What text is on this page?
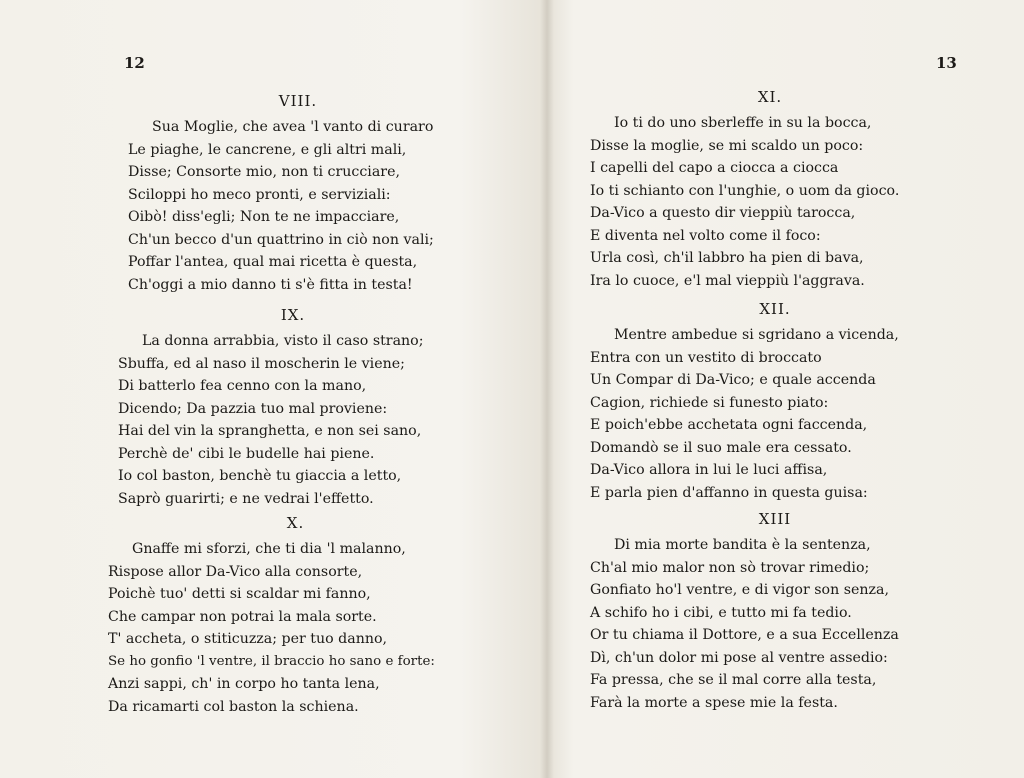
12
VIII.
Sua Moglie, che avea 'l vanto di curaro
Le piaghe, le cancrene, e gli altri mali,
Disse; Consorte mio, non ti crucciare,
Sciloppi ho meco pronti, e serviziali:
Oibò! diss'egli; Non te ne impacciare,
Ch'un becco d'un quattrino in ciò non vali;
Poffar l'antea, qual mai ricetta è questa,
Ch'oggi a mio danno ti s'è fitta in testa!
IX.
La donna arrabbia, visto il caso strano;
Sbuffa, ed al naso il moscherin le viene;
Di batterlo fea cenno con la mano,
Dicendo; Da pazzia tuo mal proviene:
Hai del vin la spranghetta, e non sei sano,
Perchè de' cibi le budelle hai piene.
Io col baston, benchè tu giaccia a letto,
Saprò guarirti; e ne vedrai l'effetto.
X.
Gnaffe mi sforzi, che ti dia 'l malanno,
Rispose allor Da-Vico alla consorte,
Poichè tuo' detti si scaldar mi fanno,
Che campar non potrai la mala sorte.
T' accheta, o stiticuzza; per tuo danno,
Se ho gonfio 'l ventre, il braccio ho sano e forte:
Anzi sappi, ch' in corpo ho tanta lena,
Da ricamarti col baston la schiena.
13
XI.
Io ti do uno sberleffe in su la bocca,
Disse la moglie, se mi scaldo un poco:
I capelli del capo a ciocca a ciocca
Io ti schianto con l'unghie, o uom da gioco.
Da-Vico a questo dir vieppiù tarocca,
E diventa nel volto come il foco:
Urla così, ch'il labbro ha pien di bava,
Ira lo cuoce, e'l mal vieppiù l'aggrava.
XII.
Mentre ambedue si sgridano a vicenda,
Entra con un vestito di broccato
Un Compar di Da-Vico; e quale accenda
Cagion, richiede si funesto piato:
E poich'ebbe acchetata ogni faccenda,
Domandò se il suo male era cessato.
Da-Vico allora in lui le luci affisa,
E parla pien d'affanno in questa guisa:
XIII
Di mia morte bandita è la sentenza,
Ch'al mio malor non sò trovar rimedio;
Gonfiato ho'l ventre, e di vigor son senza,
A schifo ho i cibi, e tutto mi fa tedio.
Or tu chiama il Dottore, e a sua Eccellenza
Dì, ch'un dolor mi pose al ventre assedio:
Fa pressa, che se il mal corre alla testa,
Farà la morte a spese mie la festa.
